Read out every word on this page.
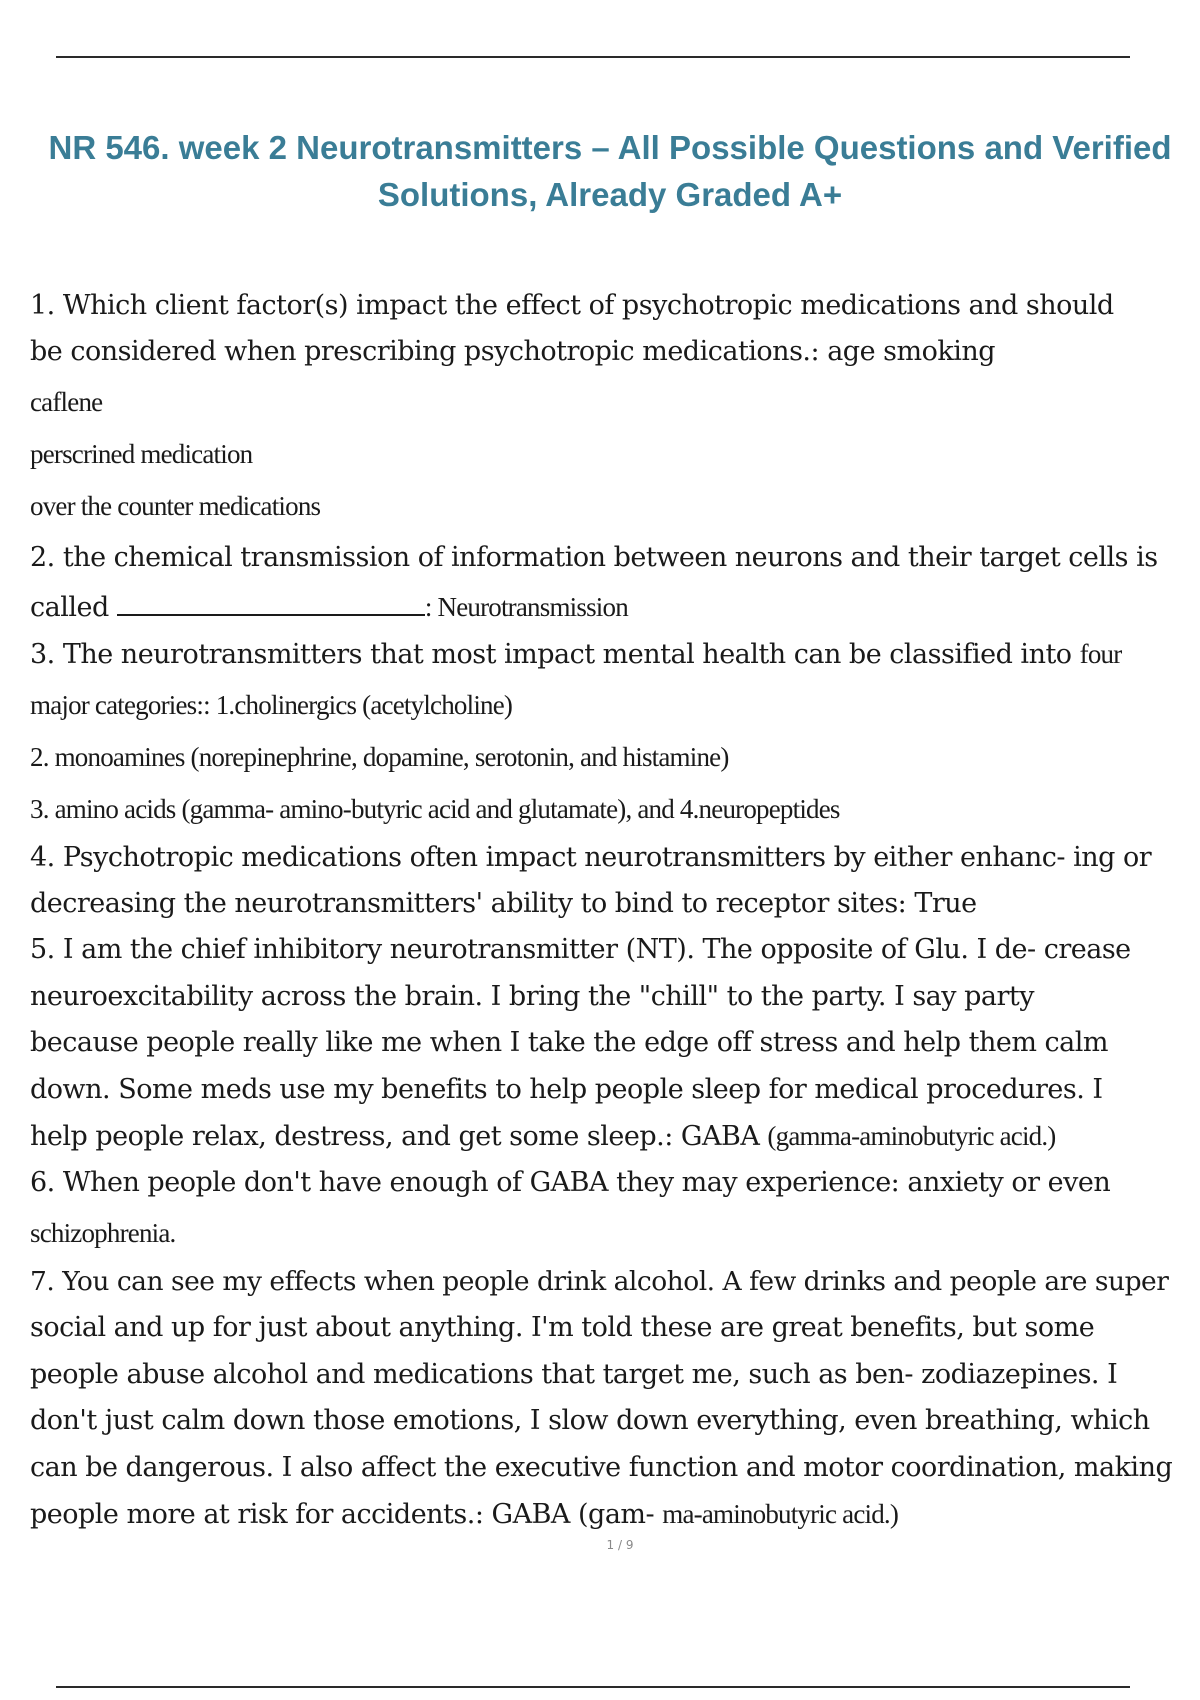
NR 546. week 2 Neurotransmitters – All Possible Questions and Verified
Solutions, Already Graded A+
1. Which client factor(s) impact the effect of psychotropic medications and should
be considered when prescribing psychotropic medications.: age smoking
caflene
perscrined medication
over the counter medications
2. the chemical transmission of information between neurons and their target cells is
called	: Neurotransmission
3. The neurotransmitters that most impact mental health can be classified into four
major categories:: 1.cholinergics (acetylcholine)
2. monoamines (norepinephrine, dopamine, serotonin, and histamine)
3. amino acids (gamma- amino-butyric acid and glutamate), and 4.neuropeptides
4. Psychotropic medications often impact neurotransmitters by either enhanc- ing or
decreasing the neurotransmitters' ability to bind to receptor sites: True
5. I am the chief inhibitory neurotransmitter (NT). The opposite of Glu. I de- crease
neuroexcitability across the brain. I bring the "chill" to the party. I say party
because people really like me when I take the edge off stress and help them calm
down. Some meds use my benefits to help people sleep for medical procedures. I
help people relax, destress, and get some sleep.: GABA (gamma-aminobutyric acid.)
6. When people don't have enough of GABA they may experience: anxiety or even
schizophrenia.
7. You can see my effects when people drink alcohol. A few drinks and people are super
social and up for just about anything. I'm told these are great benefits, but some
people abuse alcohol and medications that target me, such as ben- zodiazepines. I
don't just calm down those emotions, I slow down everything, even breathing, which
can be dangerous. I also affect the executive function and motor coordination, making
people more at risk for accidents.: GABA (gam- ma-aminobutyric acid.)
1 / 9
